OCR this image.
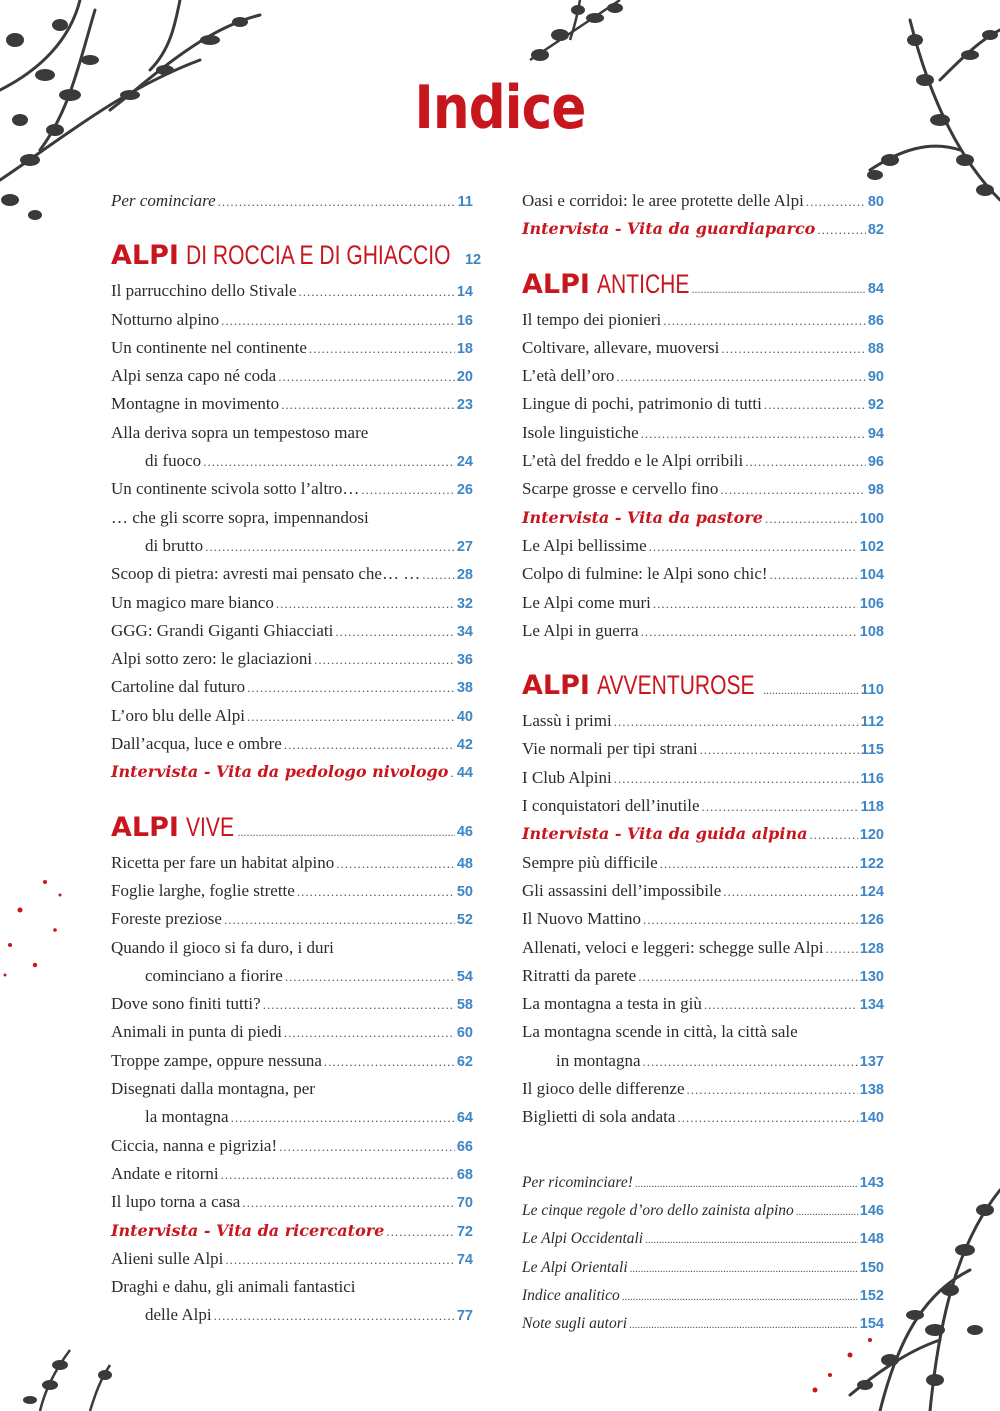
Indice
Per cominciare .....	11
ALPI DI ROCCIA E DI GHIACCIO 12
Il parrucchino dello Stivale .....	14
Notturno alpino .....	16
Un continente nel continente .....	18
Alpi senza capo né coda .....	20
Montagne in movimento .....	23
Alla deriva sopra un tempestoso mare
di fuoco .....	24
Un continente scivola sotto l’altro… .....	26
… che gli scorre sopra, impennandosi
di brutto .....	27
Scoop di pietra: avresti mai pensato che… … .....	28
Un magico mare bianco .....	32
GGG: Grandi Giganti Ghiacciati .....	34
Alpi sotto zero: le glaciazioni .....	36
Cartoline dal futuro .....	38
L’oro blu delle Alpi .....	40
Dall’acqua, luce e ombre .....	42
Intervista - Vita da pedologo nivologo ..... 44
ALPI VIVE .....	46
Ricetta per fare un habitat alpino .....	48
Foglie larghe, foglie strette .....	50
Foreste preziose .....	52
Quando il gioco si fa duro, i duri
cominciano a fiorire .....	54
Dove sono finiti tutti? .....	58
Animali in punta di piedi .....	60
Troppe zampe, oppure nessuna .....	62
Disegnati dalla montagna, per
la montagna .....	64
Ciccia, nanna e pigrizia! .....	66
Andate e ritorni .....	68
Il lupo torna a casa .....	70
Intervista - Vita da ricercatore .....	72
Alieni sulle Alpi .....	74
Draghi e dahu, gli animali fantastici
delle Alpi .....	77
Oasi e corridoi: le aree protette delle Alpi .....	80
Intervista - Vita da guardiaparco .....	82
ALPI ANTICHE .....	84
Il tempo dei pionieri .....	86
Coltivare, allevare, muoversi .....	88
L’età dell’oro .....	90
Lingue di pochi, patrimonio di tutti .....	92
Isole linguistiche .....	94
L’età del freddo e le Alpi orribili .....	96
Scarpe grosse e cervello fino .....	98
Intervista - Vita da pastore .....	100
Le Alpi bellissime .....	102
Colpo di fulmine: le Alpi sono chic! .....	104
Le Alpi come muri .....	106
Le Alpi in guerra .....	108
ALPI AVVENTUROSE .....	110
Lassù i primi .....	112
Vie normali per tipi strani .....	115
I Club Alpini .....	116
I conquistatori dell’inutile .....	118
Intervista - Vita da guida alpina .....	120
Sempre più difficile .....	122
Gli assassini dell’impossibile .....	124
Il Nuovo Mattino .....	126
Allenati, veloci e leggeri: schegge sulle Alpi ..... 128
Ritratti da parete .....	130
La montagna a testa in giù .....	134
La montagna scende in città, la città sale
in montagna .....	137
Il gioco delle differenze .....	138
Biglietti di sola andata .....	140
Per ricominciare! .....	143
Le cinque regole d’oro dello zainista alpino .....	146
Le Alpi Occidentali .....	148
Le Alpi Orientali .....	150
Indice analitico .....	152
Note sugli autori .....	154
